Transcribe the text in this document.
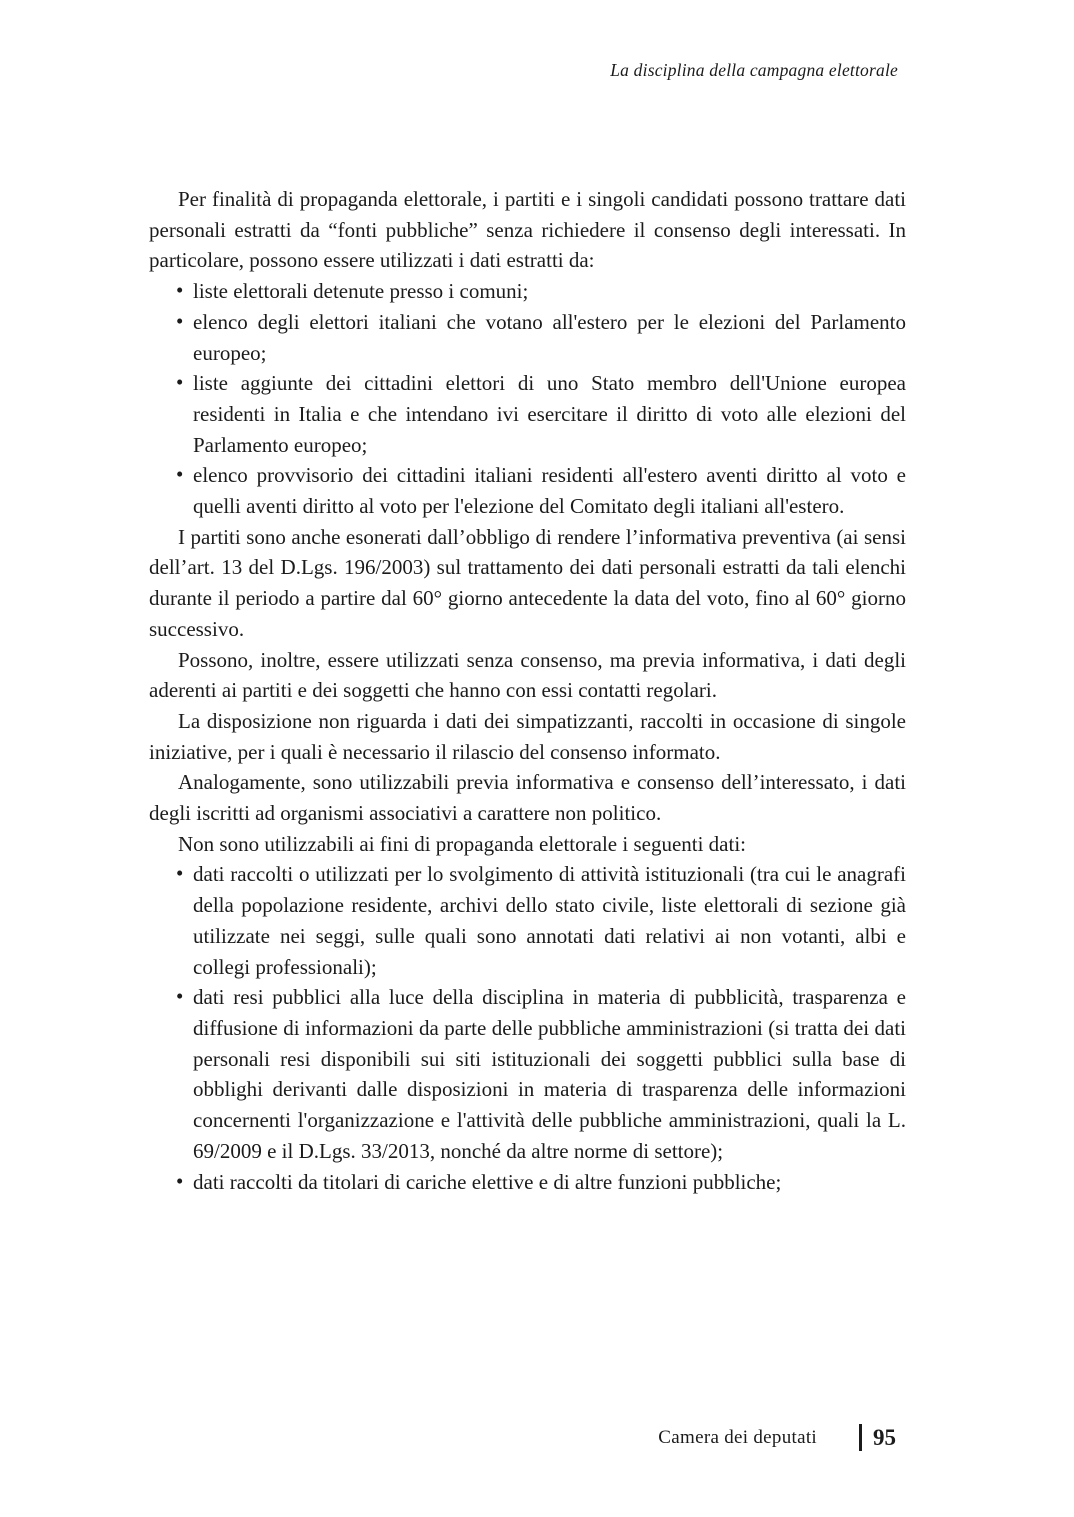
La disciplina della campagna elettorale

Per finalità di propaganda elettorale, i partiti e i singoli candidati possono trattare dati personali estratti da “fonti pubbliche” senza richiedere il consenso degli interessati. In particolare, possono essere utilizzati i dati estratti da:

• liste elettorali detenute presso i comuni;
• elenco degli elettori italiani che votano all'estero per le elezioni del Parlamento europeo;
• liste aggiunte dei cittadini elettori di uno Stato membro dell'Unione europea residenti in Italia e che intendano ivi esercitare il diritto di voto alle elezioni del Parlamento europeo;
• elenco provvisorio dei cittadini italiani residenti all'estero aventi diritto al voto e quelli aventi diritto al voto per l'elezione del Comitato degli italiani all'estero.

I partiti sono anche esonerati dall’obbligo di rendere l’informativa preventiva (ai sensi dell’art. 13 del D.Lgs. 196/2003) sul trattamento dei dati personali estratti da tali elenchi durante il periodo a partire dal 60° giorno antecedente la data del voto, fino al 60° giorno successivo.

Possono, inoltre, essere utilizzati senza consenso, ma previa informativa, i dati degli aderenti ai partiti e dei soggetti che hanno con essi contatti regolari.

La disposizione non riguarda i dati dei simpatizzanti, raccolti in occasione di singole iniziative, per i quali è necessario il rilascio del consenso informato.

Analogamente, sono utilizzabili previa informativa e consenso dell’interessato, i dati degli iscritti ad organismi associativi a carattere non politico.

Non sono utilizzabili ai fini di propaganda elettorale i seguenti dati:

• dati raccolti o utilizzati per lo svolgimento di attività istituzionali (tra cui le anagrafi della popolazione residente, archivi dello stato civile, liste elettorali di sezione già utilizzate nei seggi, sulle quali sono annotati dati relativi ai non votanti, albi e collegi professionali);
• dati resi pubblici alla luce della disciplina in materia di pubblicità, trasparenza e diffusione di informazioni da parte delle pubbliche amministrazioni (si tratta dei dati personali resi disponibili sui siti istituzionali dei soggetti pubblici sulla base di obblighi derivanti dalle disposizioni in materia di trasparenza delle informazioni concernenti l'organizzazione e l'attività delle pubbliche amministrazioni, quali la L. 69/2009 e il D.Lgs. 33/2013, nonché da altre norme di settore);
• dati raccolti da titolari di cariche elettive e di altre funzioni pubbliche;
Camera dei deputati 95
